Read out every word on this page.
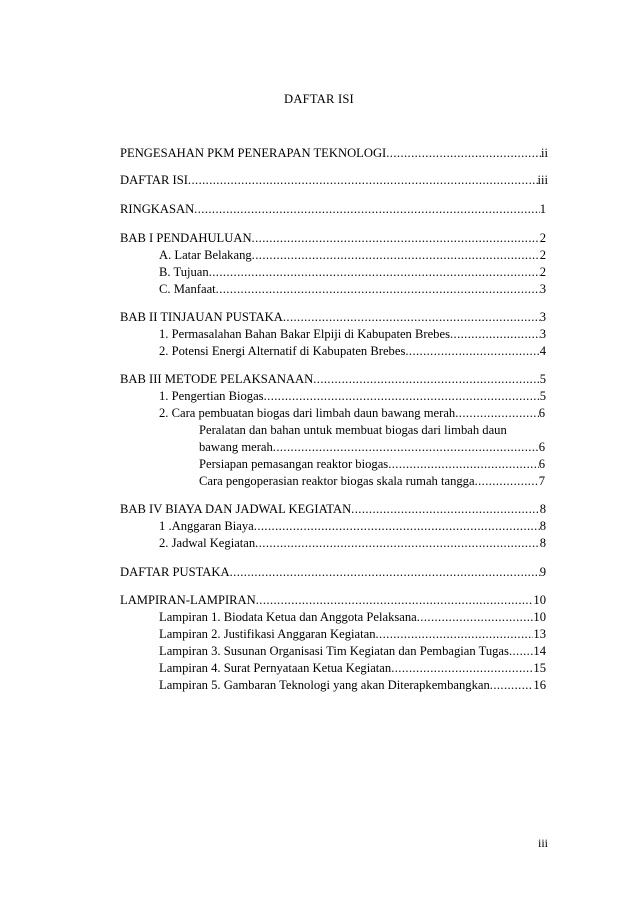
DAFTAR ISI
PENGESAHAN PKM PENERAPAN TEKNOLOGI .....	ii
DAFTAR ISI .....	iii
RINGKASAN .....	1
BAB I PENDAHULUAN .....	2
A. Latar Belakang .....	2
B. Tujuan .....	2
C. Manfaat .....	3
BAB II TINJAUAN PUSTAKA .....	3
1. Permasalahan Bahan Bakar Elpiji di Kabupaten Brebes .....	3
2. Potensi Energi Alternatif di Kabupaten Brebes .....	4
BAB III METODE PELAKSANAAN .....	5
1. Pengertian Biogas .....	5
2. Cara pembuatan biogas dari limbah daun bawang merah .....	6
Peralatan dan bahan untuk membuat biogas dari limbah daun
bawang merah .....	6
Persiapan pemasangan reaktor biogas .....	6
Cara pengoperasian reaktor biogas skala rumah tangga .....	7
BAB IV BIAYA DAN JADWAL KEGIATAN .....	8
1 .Anggaran Biaya .....	8
2. Jadwal Kegiatan .....	8
DAFTAR PUSTAKA .....	9
LAMPIRAN-LAMPIRAN .....	10
Lampiran 1. Biodata Ketua dan Anggota Pelaksana .....	10
Lampiran 2. Justifikasi Anggaran Kegiatan .....	13
Lampiran 3. Susunan Organisasi Tim Kegiatan dan Pembagian Tugas ..... 14
Lampiran 4. Surat Pernyataan Ketua Kegiatan .....	15
Lampiran 5. Gambaran Teknologi yang akan Diterapkembangkan .....	16
iii
